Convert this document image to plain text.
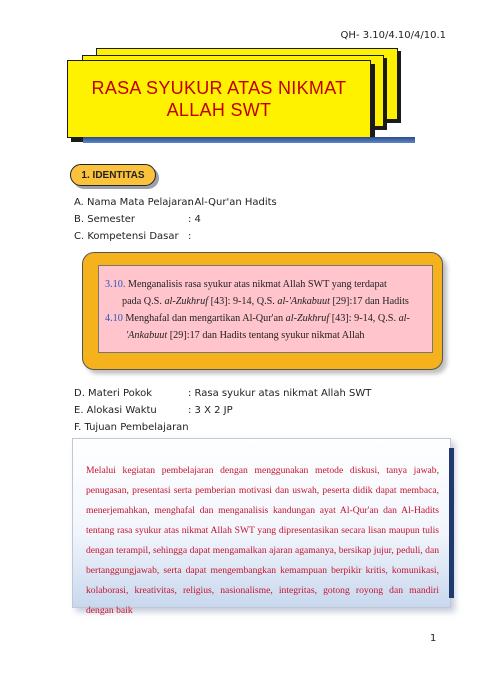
QH- 3.10/4.10/4/10.1
RASA SYUKUR ATAS NIKMAT
ALLAH SWT
1. IDENTITAS
A. Nama Mata Pelajaran
: Al-Qur'an Hadits
B. Semester	: 4
C. Kompetensi Dasar :
3.10. Menganalisis rasa syukur atas nikmat Allah SWT yang terdapat
pada Q.S. al-Zukhruf [43]: 9-14, Q.S. al-'Ankabuut [29]:17 dan Hadits
4.10 Menghafal dan mengartikan Al-Qur'an al-Zukhruf [43]: 9-14, Q.S. al-
'Ankabuut [29]:17 dan Hadits tentang syukur nikmat Allah
D. Materi Pokok	: Rasa syukur atas nikmat Allah SWT
E. Alokasi Waktu	: 3 X 2 JP
F. Tujuan Pembelajaran
Melalui kegiatan pembelajaran dengan menggunakan metode diskusi, tanya jawab, penugasan, presentasi serta pemberian motivasi dan uswah, peserta didik dapat membaca, menerjemahkan, menghafal dan menganalisis kandungan ayat Al-Qur'an dan Al-Hadits tentang rasa syukur atas nikmat Allah SWT yang dipresentasikan secara lisan maupun tulis dengan terampil, sehingga dapat mengamalkan ajaran agamanya, bersikap jujur, peduli, dan bertanggungjawab, serta dapat mengembangkan kemampuan berpikir kritis, komunikasi, kolaborasi, kreativitas, religius, nasionalisme, integritas, gotong royong dan mandiri dengan baik
1
